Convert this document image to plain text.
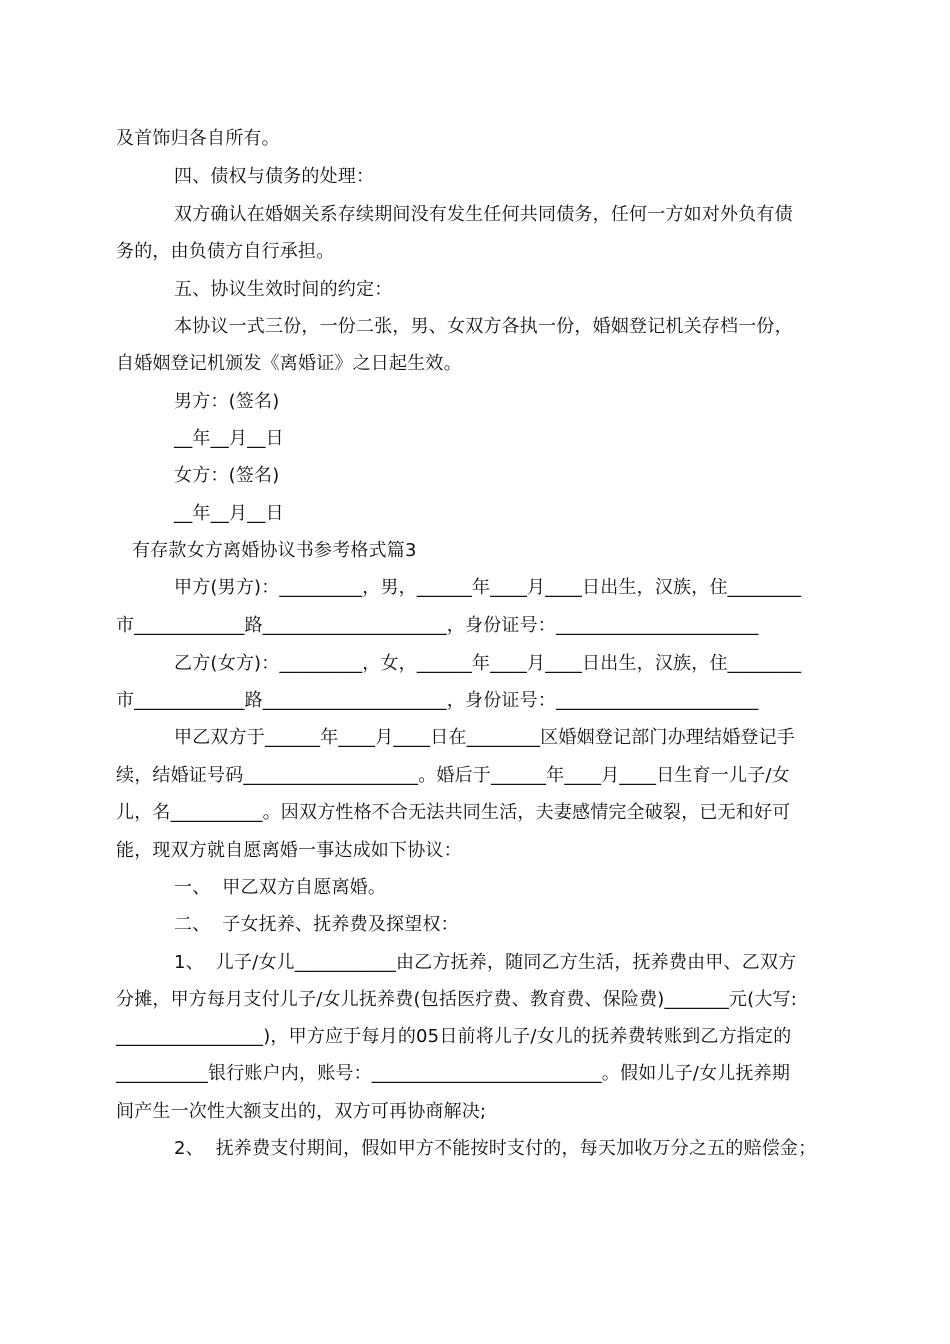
及首饰归各自所有。
四、债权与债务的处理：
双方确认在婚姻关系存续期间没有发生任何共同债务，任何一方如对外负有债
务的，由负债方自行承担。
五、协议生效时间的约定：
本协议一式三份，一份二张，男、女双方各执一份，婚姻登记机关存档一份，
自婚姻登记机颁发《离婚证》之日起生效。
男方：(签名)
__年__月__日
女方：(签名)
__年__月__日
有存款女方离婚协议书参考格式篇3
甲方(男方)：_________，男，______年____月____日出生，汉族，住________
市____________路____________________，身份证号：______________________
乙方(女方)：_________，女，______年____月____日出生，汉族，住________
市____________路____________________，身份证号：______________________
甲乙双方于______年____月____日在________区婚姻登记部门办理结婚登记手
续，结婚证号码___________________。婚后于______年____月____日生育一儿子/女
儿，名__________。因双方性格不合无法共同生活，夫妻感情完全破裂，已无和好可
能，现双方就自愿离婚一事达成如下协议：
一、  甲乙双方自愿离婚。
二、  子女抚养、抚养费及探望权：
1、  儿子/女儿___________由乙方抚养，随同乙方生活，抚养费由甲、乙双方
分摊，甲方每月支付儿子/女儿抚养费(包括医疗费、教育费、保险费)_______元(大写:
________________)，甲方应于每月的05日前将儿子/女儿的抚养费转账到乙方指定的
__________银行账户内，账号：_________________________。假如儿子/女儿抚养期
间产生一次性大额支出的，双方可再协商解决;
2、  抚养费支付期间，假如甲方不能按时支付的，每天加收万分之五的赔偿金；
